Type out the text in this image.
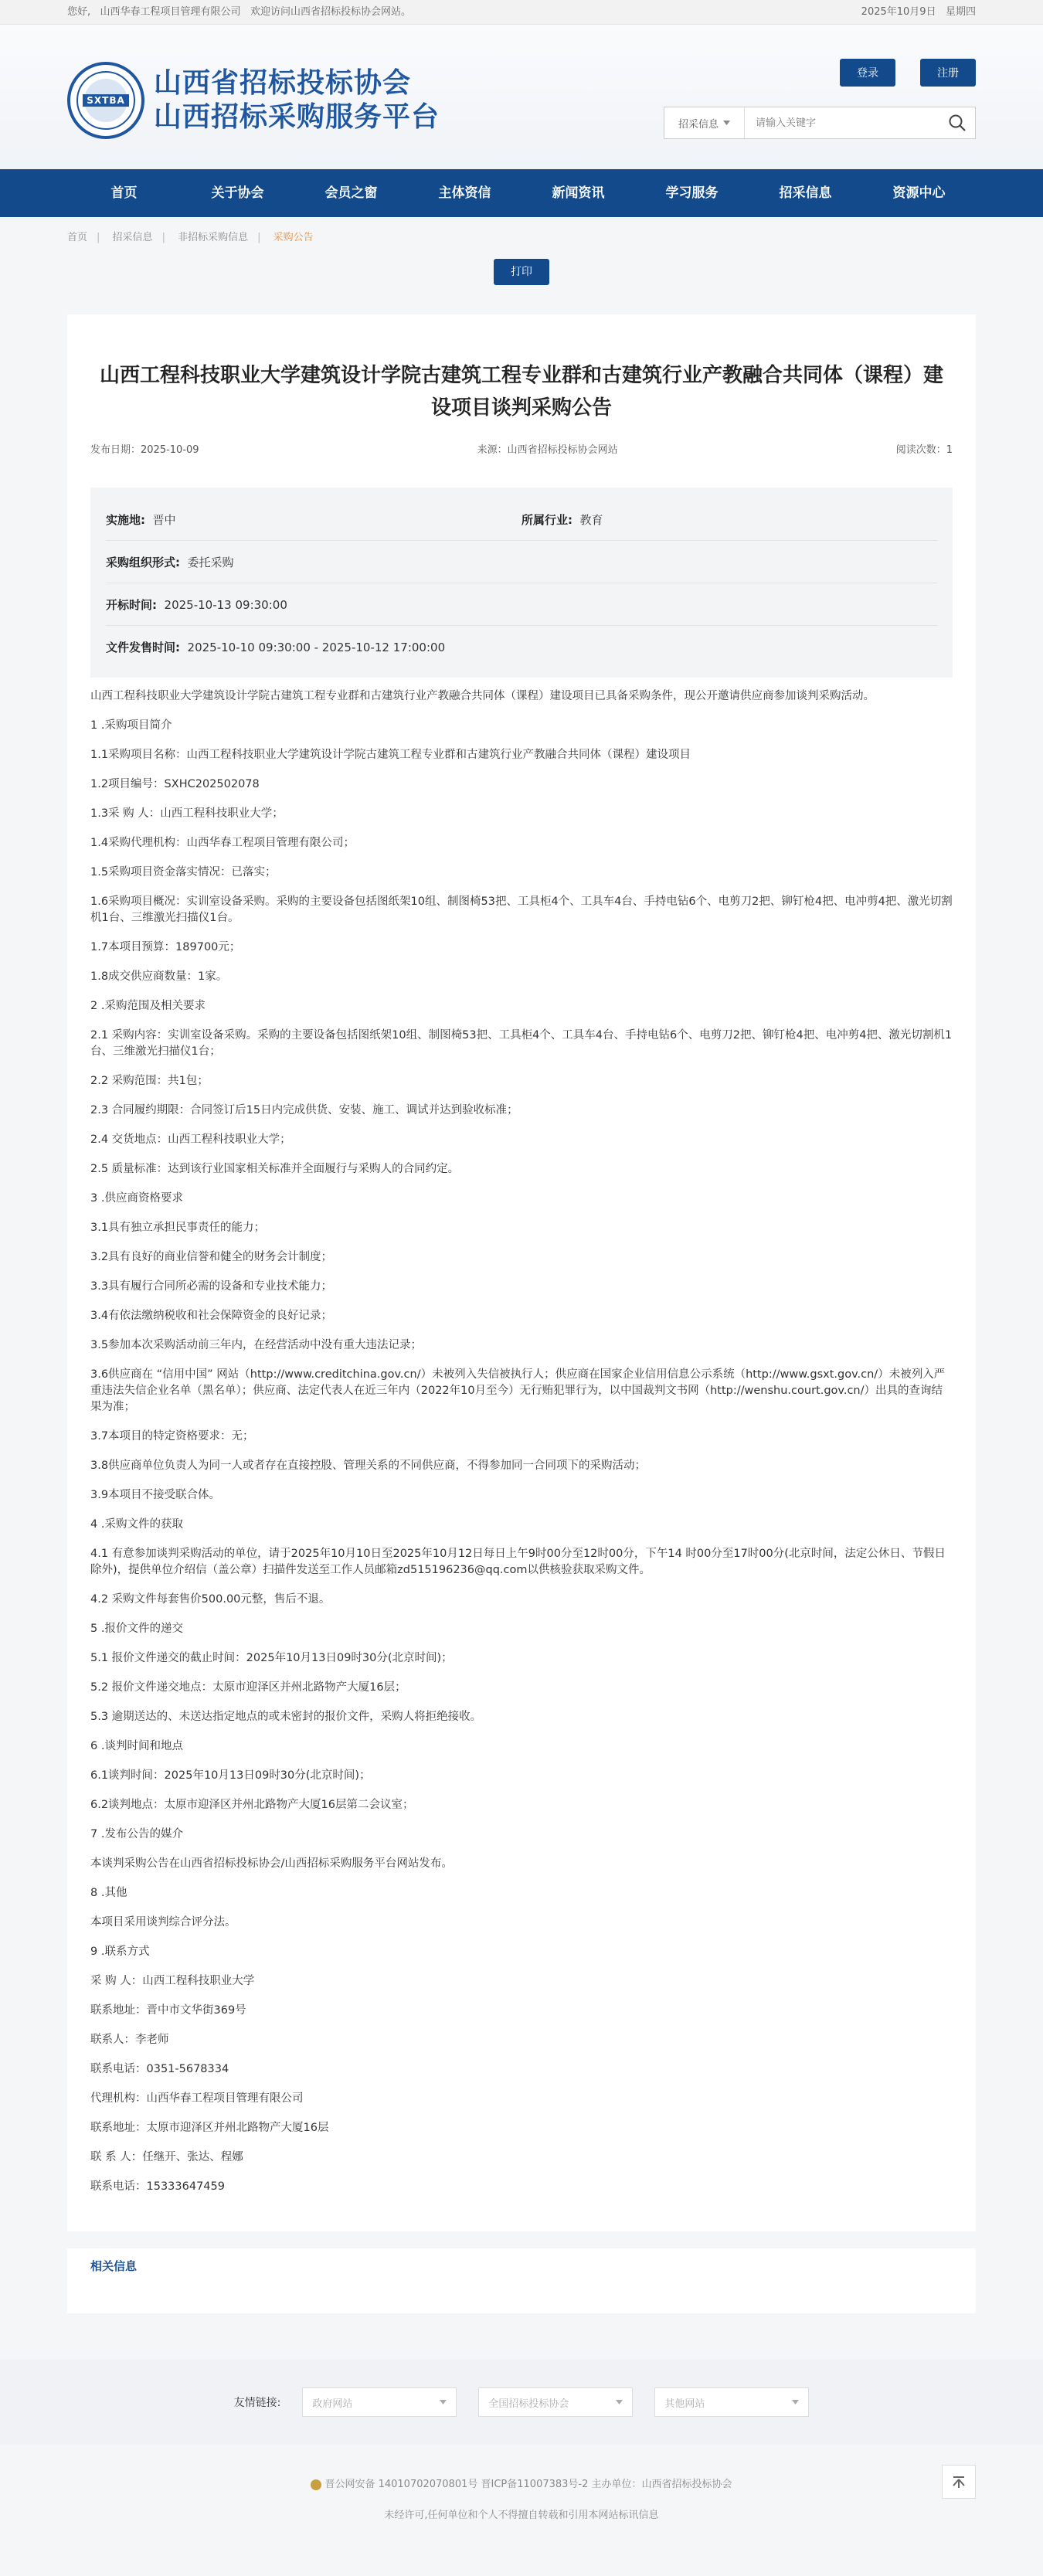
您好, 山西华春工程项目管理有限公司 欢迎访问山西省招标投标协会网站。	2025年10月9日 星期四
SXTBA
山西省招标投标协会
山西招标采购服务平台
登录	注册
招采信息
请输入关键字
首页	关于协会	会员之窗	主体资信	新闻资讯	学习服务	招采信息	资源中心
首页 | 招采信息 | 非招标采购信息 | 采购公告
打印
山西工程科技职业大学建筑设计学院古建筑工程专业群和古建筑行业产教融合共同体（课程）建设项目谈判采购公告
发布日期：2025-10-09	来源：山西省招标投标协会网站	阅读次数：1
实施地: 晋中	所属行业: 教育
采购组织形式: 委托采购
开标时间: 2025-10-13 09:30:00
文件发售时间: 2025-10-10 09:30:00 - 2025-10-12 17:00:00

山西工程科技职业大学建筑设计学院古建筑工程专业群和古建筑行业产教融合共同体（课程）建设项目已具备采购条件，现公开邀请供应商参加谈判采购活动。

1 .采购项目简介

1.1采购项目名称：山西工程科技职业大学建筑设计学院古建筑工程专业群和古建筑行业产教融合共同体（课程）建设项目

1.2项目编号：SXHC202502078

1.3采 购 人：山西工程科技职业大学；

1.4采购代理机构：山西华春工程项目管理有限公司；

1.5采购项目资金落实情况：已落实；

1.6采购项目概况：实训室设备采购。采购的主要设备包括图纸架10组、制图椅53把、工具柜4个、工具车4台、手持电钻6个、电剪刀2把、铆钉枪4把、电冲剪4把、激光切割机1台、三维激光扫描仪1台。

1.7本项目预算：189700元；

1.8成交供应商数量：1家。

2 .采购范围及相关要求

2.1 采购内容：实训室设备采购。采购的主要设备包括图纸架10组、制图椅53把、工具柜4个、工具车4台、手持电钻6个、电剪刀2把、铆钉枪4把、电冲剪4把、激光切割机1台、三维激光扫描仪1台；

2.2 采购范围：共1包；

2.3 合同履约期限：合同签订后15日内完成供货、安装、施工、调试并达到验收标准；

2.4 交货地点：山西工程科技职业大学；

2.5 质量标准：达到该行业国家相关标准并全面履行与采购人的合同约定。

3 .供应商资格要求

3.1具有独立承担民事责任的能力；

3.2具有良好的商业信誉和健全的财务会计制度；

3.3具有履行合同所必需的设备和专业技术能力；

3.4有依法缴纳税收和社会保障资金的良好记录；

3.5参加本次采购活动前三年内，在经营活动中没有重大违法记录；

3.6供应商在 “信用中国” 网站（http://www.creditchina.gov.cn/）未被列入失信被执行人；供应商在国家企业信用信息公示系统（http://www.gsxt.gov.cn/）未被列入严重违法失信企业名单（黑名单）；供应商、法定代表人在近三年内（2022年10月至今）无行贿犯罪行为，以中国裁判文书网（http://wenshu.court.gov.cn/）出具的查询结果为准；

3.7本项目的特定资格要求：无；

3.8供应商单位负责人为同一人或者存在直接控股、管理关系的不同供应商，不得参加同一合同项下的采购活动；

3.9本项目不接受联合体。

4 .采购文件的获取

4.1 有意参加谈判采购活动的单位，请于2025年10月10日至2025年10月12日每日上午9时00分至12时00分，下午14 时00分至17时00分(北京时间，法定公休日、节假日除外)，提供单位介绍信（盖公章）扫描件发送至工作人员邮箱zd515196236@qq.com以供核验获取采购文件。

4.2 采购文件每套售价500.00元整，售后不退。

5 .报价文件的递交

5.1 报价文件递交的截止时间：2025年10月13日09时30分(北京时间)；

5.2 报价文件递交地点：太原市迎泽区并州北路物产大厦16层；

5.3 逾期送达的、未送达指定地点的或未密封的报价文件，采购人将拒绝接收。

6 .谈判时间和地点

6.1谈判时间：2025年10月13日09时30分(北京时间)；

6.2谈判地点：太原市迎泽区并州北路物产大厦16层第二会议室；

7 .发布公告的媒介

本谈判采购公告在山西省招标投标协会/山西招标采购服务平台网站发布。

8 .其他

本项目采用谈判综合评分法。

9 .联系方式

采 购 人：山西工程科技职业大学

联系地址：晋中市文华街369号

联系人：李老师

联系电话：0351-5678334

代理机构：山西华春工程项目管理有限公司

联系地址：太原市迎泽区并州北路物产大厦16层

联 系 人：任继开、张达、程娜

联系电话：15333647459

相关信息
友情链接:	政府网站	全国招标投标协会	其他网站

晋公网安备 14010702070801号 晋ICP备11007383号-2 主办单位：山西省招标投标协会

未经许可,任何单位和个人不得擅自转载和引用本网站标讯信息
